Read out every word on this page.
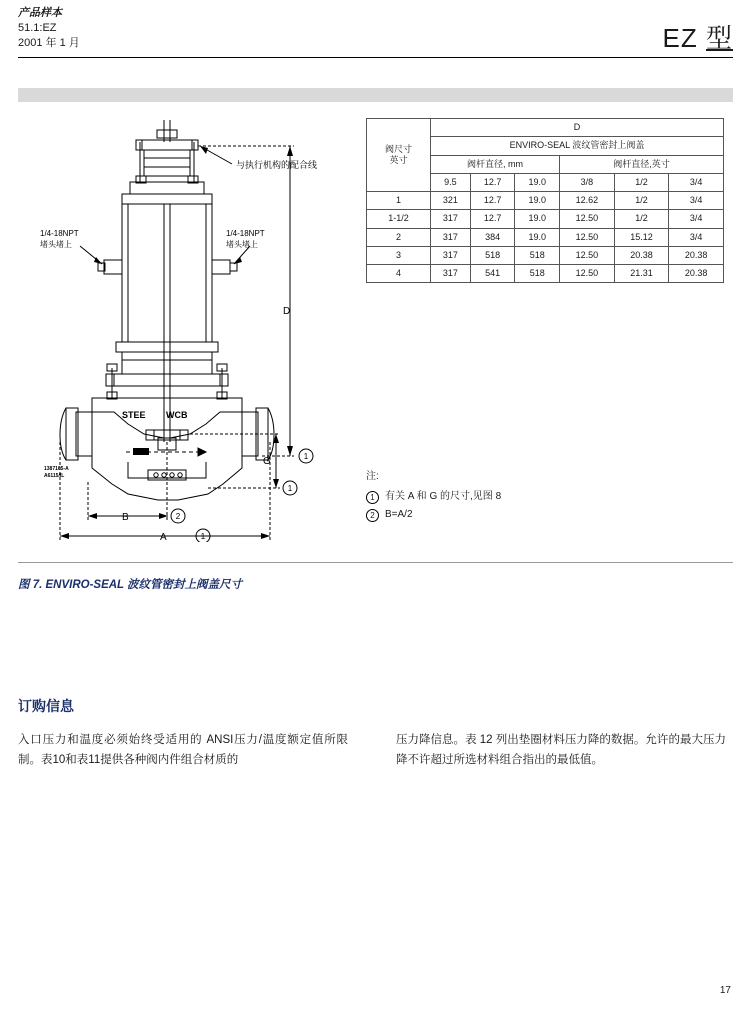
产品样本
51.1:EZ
2001 年 1 月	EZ 型
与执行机构的配合线
1/4-18NPT
堵头堵上
1/4-18NPT
堵头堵上
STEE WCB
1387165-A
A6115/IL
D
G
B
A
1
1
2
1
阀尺寸
英寸	D					
	ENVIRO-SEAL 波纹管密封上阀盖					
	阀杆直径, mm			阀杆直径,英寸		
	9.5	12.7	19.0	3/8	1/2	3/4
1	321	12.7	19.0	12.62	1/2	3/4
1-1/2	317	12.7	19.0	12.50	1/2	3/4
2	317	384	19.0	12.50	15.12	3/4
3	317	518	518	12.50	20.38	20.38
4	317	541	518	12.50	21.31	20.38
注:
1	有关 A 和 G 的尺寸,见图 8
2	B=A/2
图 7. ENVIRO-SEAL 波纹管密封上阀盖尺寸
订购信息
入口压力和温度必须始终受适用的 ANSI压力/温度额定值所限制。表10和表11提供各种阀内件组合材质的
压力降信息。表 12 列出垫圈材料压力降的数据。允许的最大压力降不许超过所选材料组合指出的最低值。
17
